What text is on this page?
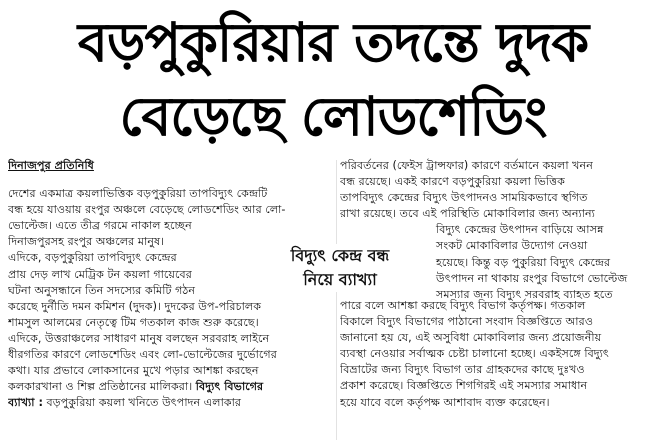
বড়পুকুরিয়ার তদন্তে দুদক
বেড়েছে লোডশেডিং

দিনাজপুর প্রতিনিধি

দেশের একমাত্র কয়লাভিত্তিক বড়পুকুরিয়া তাপবিদ্যুৎ কেন্দ্রটি

বন্ধ হয়ে যাওয়ায় রংপুর অঞ্চলে বেড়েছে লোডশেডিং আর লো-

ভোল্টেজ। এতে তীব্র গরমে নাকাল হচ্ছেন

দিনাজপুরসহ রংপুর অঞ্চলের মানুষ।

এদিকে, বড়পুকুরিয়া তাপবিদ্যুৎ কেন্দ্রের

প্রায় দেড় লাখ মেট্রিক টন কয়লা গায়েবের

ঘটনা অনুসন্ধানে তিন সদস্যের কমিটি গঠন

করেছে দুর্নীতি দমন কমিশন (দুদক)। দুদকের উপ-পরিচালক

শামসুল আলমের নেতৃত্বে টিম গতকাল কাজ শুরু করেছে।

এদিকে, উত্তরাঞ্চলের সাধারণ মানুষ বলছেন সরবরাহ লাইনে

ধীরগতির কারণে লোডশেডিং এবং লো-ভোল্টেজের দুর্ভোগের

কথা। যার প্রভাবে লোকসানের মুখে পড়ার আশঙ্কা করছেন

কলকারখানা ও শিল্প প্রতিষ্ঠানের মালিকরা। বিদ্যুৎ বিভাগের

ব্যাখ্যা : বড়পুকুরিয়া কয়লা খনিতে উৎপাদন এলাকার

পরিবর্তনের (ফেইস ট্রান্সফার) কারণে বর্তমানে কয়লা খনন

বন্ধ রয়েছে। একই কারণে বড়পুকুরিয়া কয়লা ভিত্তিক

তাপবিদ্যুৎ কেন্দ্রের বিদ্যুৎ উৎপাদনও সাময়িকভাবে স্থগিত

রাখা রয়েছে। তবে এই পরিস্থিতি মোকাবিলার জন্য অন্যান্য

বিদ্যুৎ কেন্দ্রের উৎপাদন বাড়িয়ে আসন্ন

সংকট মোকাবিলার উদ্যোগ নেওয়া

হয়েছে। কিন্তু বড় পুকুরিয়া বিদ্যুৎ কেন্দ্রের

উৎপাদন না থাকায় রংপুর বিভাগে ভোল্টেজ

সমস্যার জন্য বিদ্যুৎ সরবরাহ ব্যাহত হতে

পারে বলে আশঙ্কা করছে বিদ্যুৎ বিভাগ কর্তৃপক্ষ। গতকাল

বিকালে বিদ্যুৎ বিভাগের পাঠানো সংবাদ বিজ্ঞপ্তিতে আরও

জানানো হয় যে, এই অসুবিধা মোকাবিলার জন্য প্রয়োজনীয়

ব্যবস্থা নেওয়ার সর্বাত্মক চেষ্টা চালানো হচ্ছে। একইসঙ্গে বিদ্যুৎ

বিভ্রাটের জন্য বিদ্যুৎ বিভাগ তার গ্রাহকদের কাছে দুঃখও

প্রকাশ করেছে। বিজ্ঞপ্তিতে শিগগিরই এই সমস্যার সমাধান

হয়ে যাবে বলে কর্তৃপক্ষ আশাবাদ ব্যক্ত করেছেন।

বিদ্যুৎ কেন্দ্র বন্ধ
নিয়ে ব্যাখ্যা
